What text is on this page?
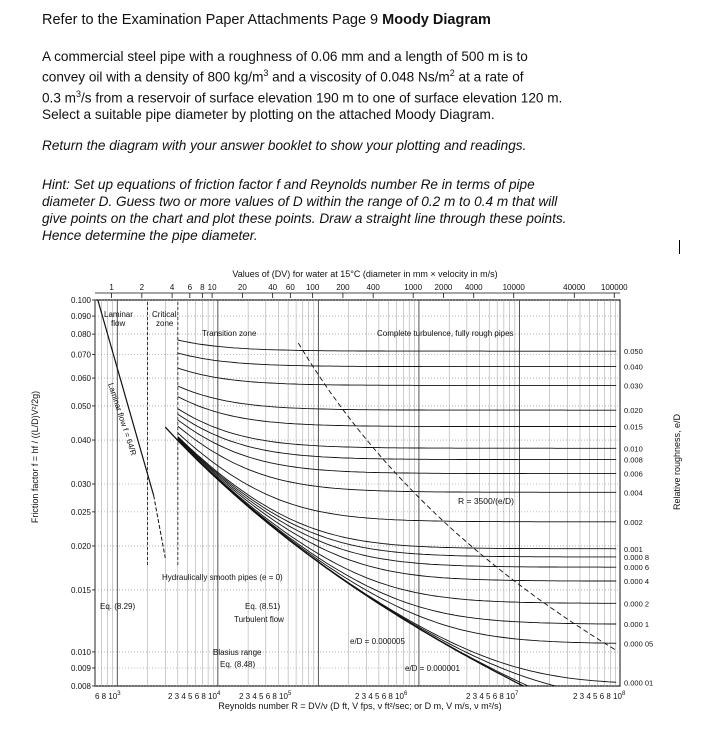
Refer to the Examination Paper Attachments Page 9 Moody Diagram

A commercial steel pipe with a roughness of 0.06 mm and a length of 500 m is to
convey oil with a density of 800 $kg/m^3$ and a viscosity of 0.048 $Ns/m^2$ at a rate of
0.3 $m^3/s$ from a reservoir of surface elevation 190 m to one of surface elevation 120 m.
Select a suitable pipe diameter by plotting on the attached Moody Diagram.

Return the diagram with your answer booklet to show your plotting and readings.

Hint: Set up equations of friction factor f and Reynolds number Re in terms of pipe
diameter D. Guess two or more values of D within the range of 0.2 m to 0.4 m that will
give points on the chart and plot these points. Draw a straight line through these points.
Hence determine the pipe diameter.

Values of (DV) for water at 15°C (diameter in mm × velocity in m/s)
Reynolds number R = DV/ν (D ft, V fps, ν ft²/sec; or D m, V m/s, ν m²/s)
Friction factor f = hf / ((L/D)V²/2g)	Relative roughness, e/D
0.100
0.090
0.080
0.070
0.060
0.050
0.040
0.030
0.025
0.020
0.015
0.010
0.009
0.008
1	2	4 6 8 10	20	40 60 100 200 400	1000 2000 4000 10000	40000 100000
6 8 $10^3$	2 3 4 5 6 8 $10^4$ 2 3 4 5 6 8 $10^5$	2 3 4 5 6 8 $10^6$	2 3 4 5 6 8 $10^7$	2 3 4 5 6 8 $10^8$
0.050
0.040
0.030
0.020
0.015
0.010
0.008
0.006
0.004
0.002
0.001
0.000 8
0.000 6
0.000 4
0.000 2
0.000 1
0.000 05
0.000 01
Laminar
flow
Critical
zone
Transition zone	Complete turbulence, fully rough pipes
Laminar flow f = 64/R
R = 3500/(e/D)
Hydraulically smooth pipes (e = 0)
Eq. (8.29)	Eq. (8.51)
Turbulent flow
Blasius range
Eq. (8.48)
e/D = 0.000005
e/D = 0.000001
